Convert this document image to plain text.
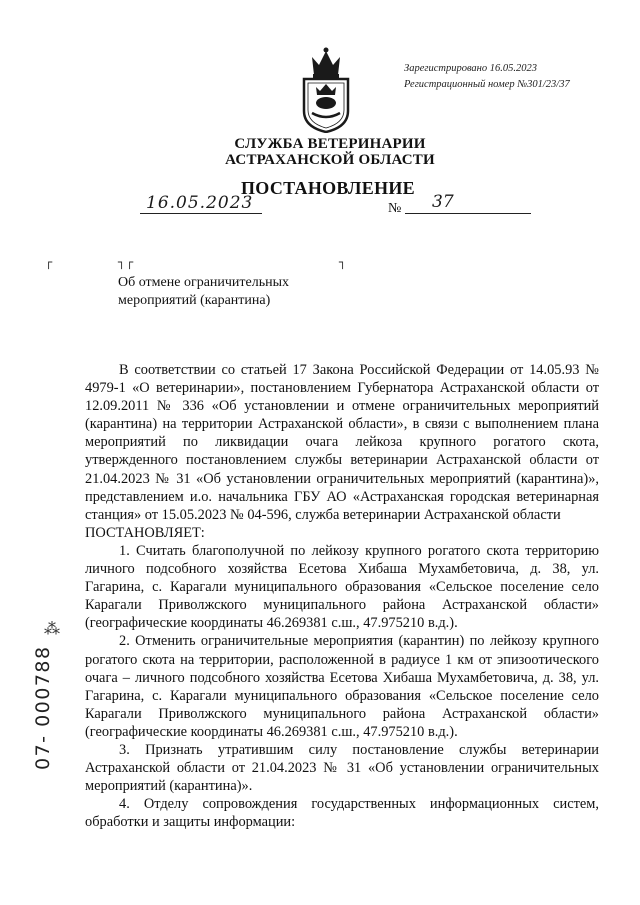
Зарегистрировано 16.05.2023
Регистрационный номер №301/23/37
СЛУЖБА ВЕТЕРИНАРИИ
АСТРАХАНСКОЙ ОБЛАСТИ
ПОСТАНОВЛЕНИЕ
16.05.2023	№ 37
┌	┐ ┌	┐
Об отмене ограничительных
мероприятий (карантина)

В соответствии со статьей 17 Закона Российской Федерации от 14.05.93 № 4979-1 «О ветеринарии», постановлением Губернатора Астраханской области от 12.09.2011 № 336 «Об установлении и отмене ограничительных мероприятий (карантина) на территории Астраханской области», в связи с выполнением плана мероприятий по ликвидации очага лейкоза крупного рогатого скота, утвержденного постановлением службы ветеринарии Астраханской области от 21.04.2023 № 31 «Об установлении ограничительных мероприятий (карантина)», представлением и.о. начальника ГБУ АО «Астраханская городская ветеринарная станция» от 15.05.2023 № 04-596, служба ветеринарии Астраханской области

ПОСТАНОВЛЯЕТ:

1. Считать благополучной по лейкозу крупного рогатого скота территорию личного подсобного хозяйства Есетова Хибаша Мухамбетовича, д. 38, ул. Гагарина, с. Карагали муниципального образования «Сельское поселение село Карагали Приволжского муниципального района Астраханской области» (географические координаты 46.269381 с.ш., 47.975210 в.д.).

2. Отменить ограничительные мероприятия (карантин) по лейкозу крупного рогатого скота на территории, расположенной в радиусе 1 км от эпизоотического очага – личного подсобного хозяйства Есетова Хибаша Мухамбетовича, д. 38, ул. Гагарина, с. Карагали муниципального образования «Сельское поселение село Карагали Приволжского муниципального района Астраханской области» (географические координаты 46.269381 с.ш., 47.975210 в.д.).

3. Признать утратившим силу постановление службы ветеринарии Астраханской области от 21.04.2023 № 31 «Об установлении ограничительных мероприятий (карантина)».

4. Отделу сопровождения государственных информационных систем, обработки и защиты информации:

⁂
07- 000788
